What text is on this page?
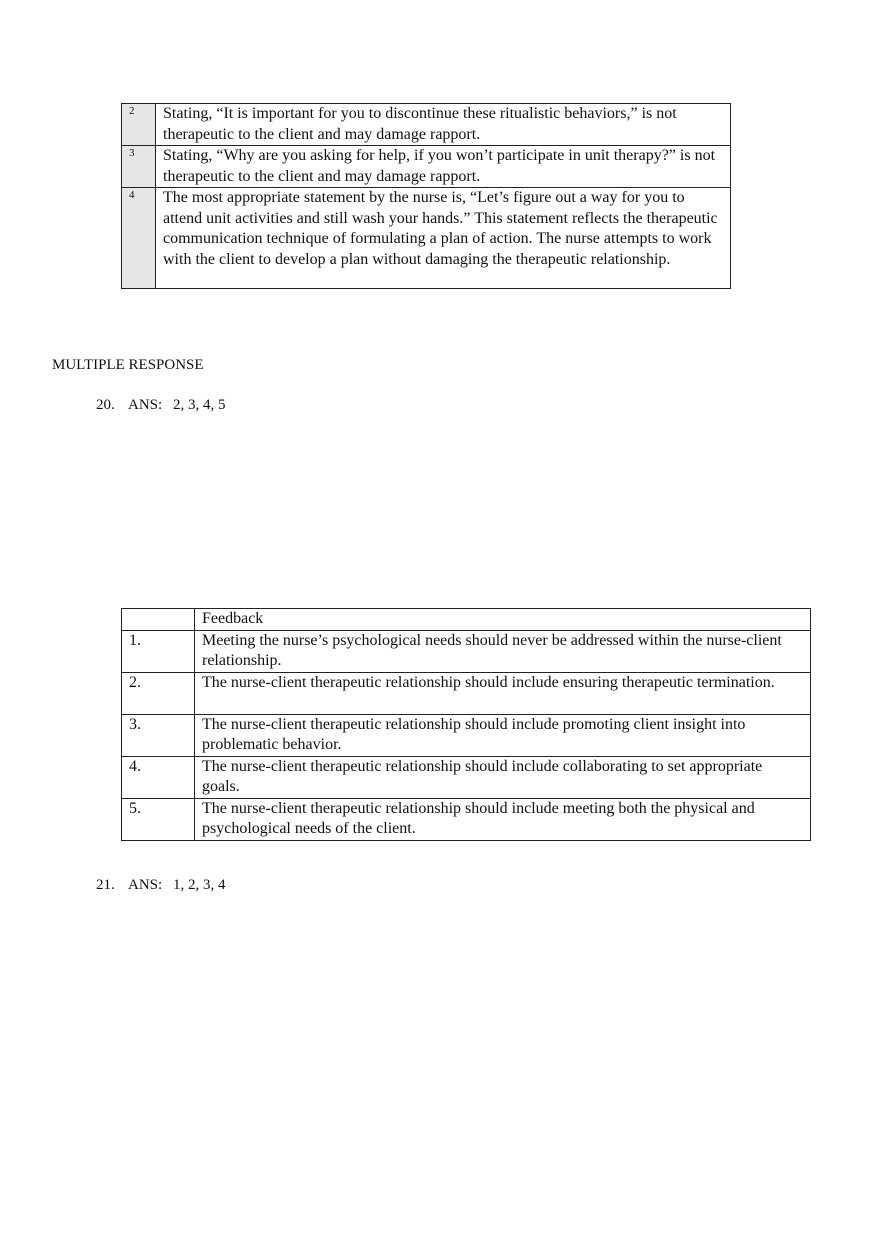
2	Stating, “It is important for you to discontinue these ritualistic behaviors,” is not therapeutic to the client and may damage rapport.
3	Stating, “Why are you asking for help, if you won’t participate in unit therapy?” is not therapeutic to the client and may damage rapport.
4	The most appropriate statement by the nurse is, “Let’s figure out a way for you to attend unit activities and still wash your hands.” This statement reflects the therapeutic communication technique of formulating a plan of action. The nurse attempts to work with the client to develop a plan without damaging the therapeutic relationship.

MULTIPLE RESPONSE

20. ANS: 2, 3, 4, 5

	Feedback
1.	Meeting the nurse’s psychological needs should never be addressed within the nurse-client relationship.
2.	The nurse-client therapeutic relationship should include ensuring therapeutic termination.
3.	The nurse-client therapeutic relationship should include promoting client insight into problematic behavior.
4.	The nurse-client therapeutic relationship should include collaborating to set appropriate goals.
5.	The nurse-client therapeutic relationship should include meeting both the physical and psychological needs of the client.

21. ANS: 1, 2, 3, 4
